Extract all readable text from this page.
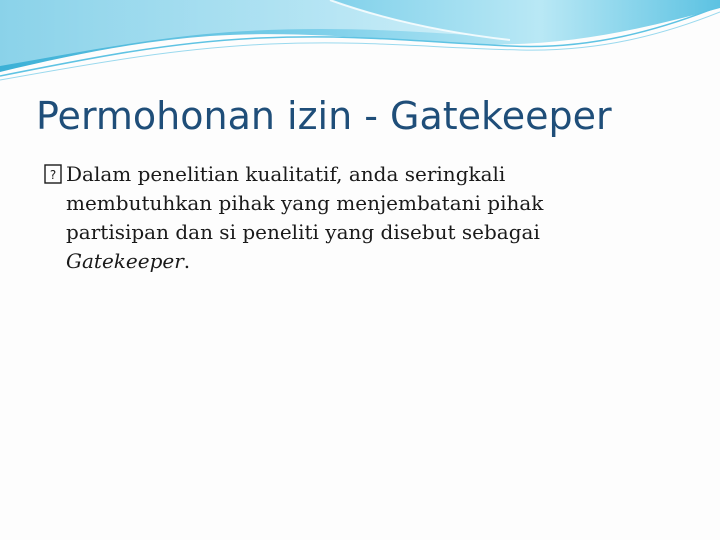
Permohonan izin - Gatekeeper
? Dalam penelitian kualitatif, anda seringkali
membutuhkan pihak yang menjembatani pihak
partisipan dan si peneliti yang disebut sebagai
Gatekeeper.
